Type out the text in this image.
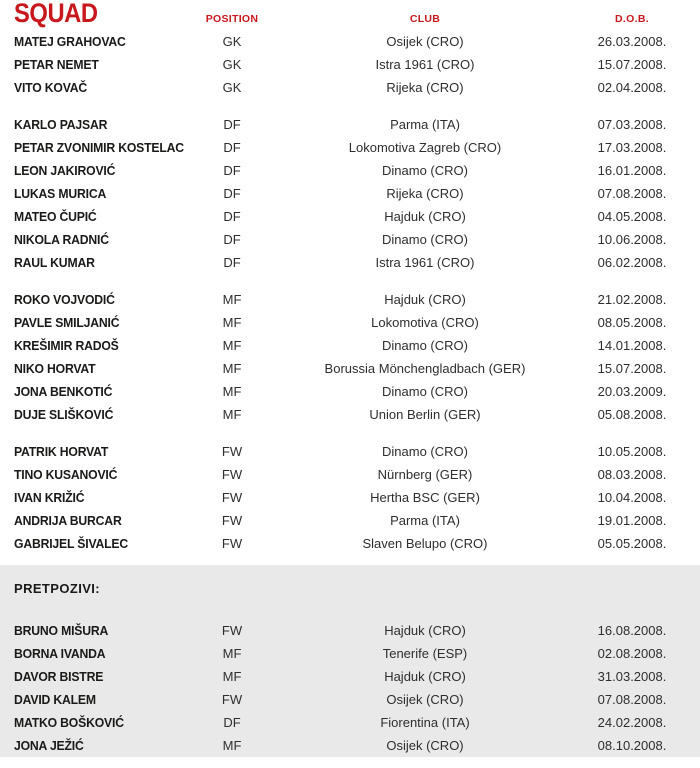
SQUAD	POSITION	CLUB	D.O.B.
MATEJ GRAHOVAC	GK	Osijek (CRO)	26.03.2008.
PETAR NEMET	GK	Istra 1961 (CRO)	15.07.2008.
VITO KOVAČ	GK	Rijeka (CRO)	02.04.2008.
KARLO PAJSAR	DF	Parma (ITA)	07.03.2008.
PETAR ZVONIMIR KOSTELAC	DF	Lokomotiva Zagreb (CRO)	17.03.2008.
LEON JAKIROVIĆ	DF	Dinamo (CRO)	16.01.2008.
LUKAS MURICA	DF	Rijeka (CRO)	07.08.2008.
MATEO ČUPIĆ	DF	Hajduk (CRO)	04.05.2008.
NIKOLA RADNIĆ	DF	Dinamo (CRO)	10.06.2008.
RAUL KUMAR	DF	Istra 1961 (CRO)	06.02.2008.
ROKO VOJVODIĆ	MF	Hajduk (CRO)	21.02.2008.
PAVLE SMILJANIĆ	MF	Lokomotiva (CRO)	08.05.2008.
KREŠIMIR RADOŠ	MF	Dinamo (CRO)	14.01.2008.
NIKO HORVAT	MF	Borussia Mönchengladbach (GER)	15.07.2008.
JONA BENKOTIĆ	MF	Dinamo (CRO)	20.03.2009.
DUJE SLIŠKOVIĆ	MF	Union Berlin (GER)	05.08.2008.
PATRIK HORVAT	FW	Dinamo (CRO)	10.05.2008.
TINO KUSANOVIĆ	FW	Nürnberg (GER)	08.03.2008.
IVAN KRIŽIĆ	FW	Hertha BSC (GER)	10.04.2008.
ANDRIJA BURCAR	FW	Parma (ITA)	19.01.2008.
GABRIJEL ŠIVALEC	FW	Slaven Belupo (CRO)	05.05.2008.
PRETPOZIVI:
BRUNO MIŠURA	FW	Hajduk (CRO)	16.08.2008.
BORNA IVANDA	MF	Tenerife (ESP)	02.08.2008.
DAVOR BISTRE	MF	Hajduk (CRO)	31.03.2008.
DAVID KALEM	FW	Osijek (CRO)	07.08.2008.
MATKO BOŠKOVIĆ	DF	Fiorentina (ITA)	24.02.2008.
JONA JEŽIĆ	MF	Osijek (CRO)	08.10.2008.
